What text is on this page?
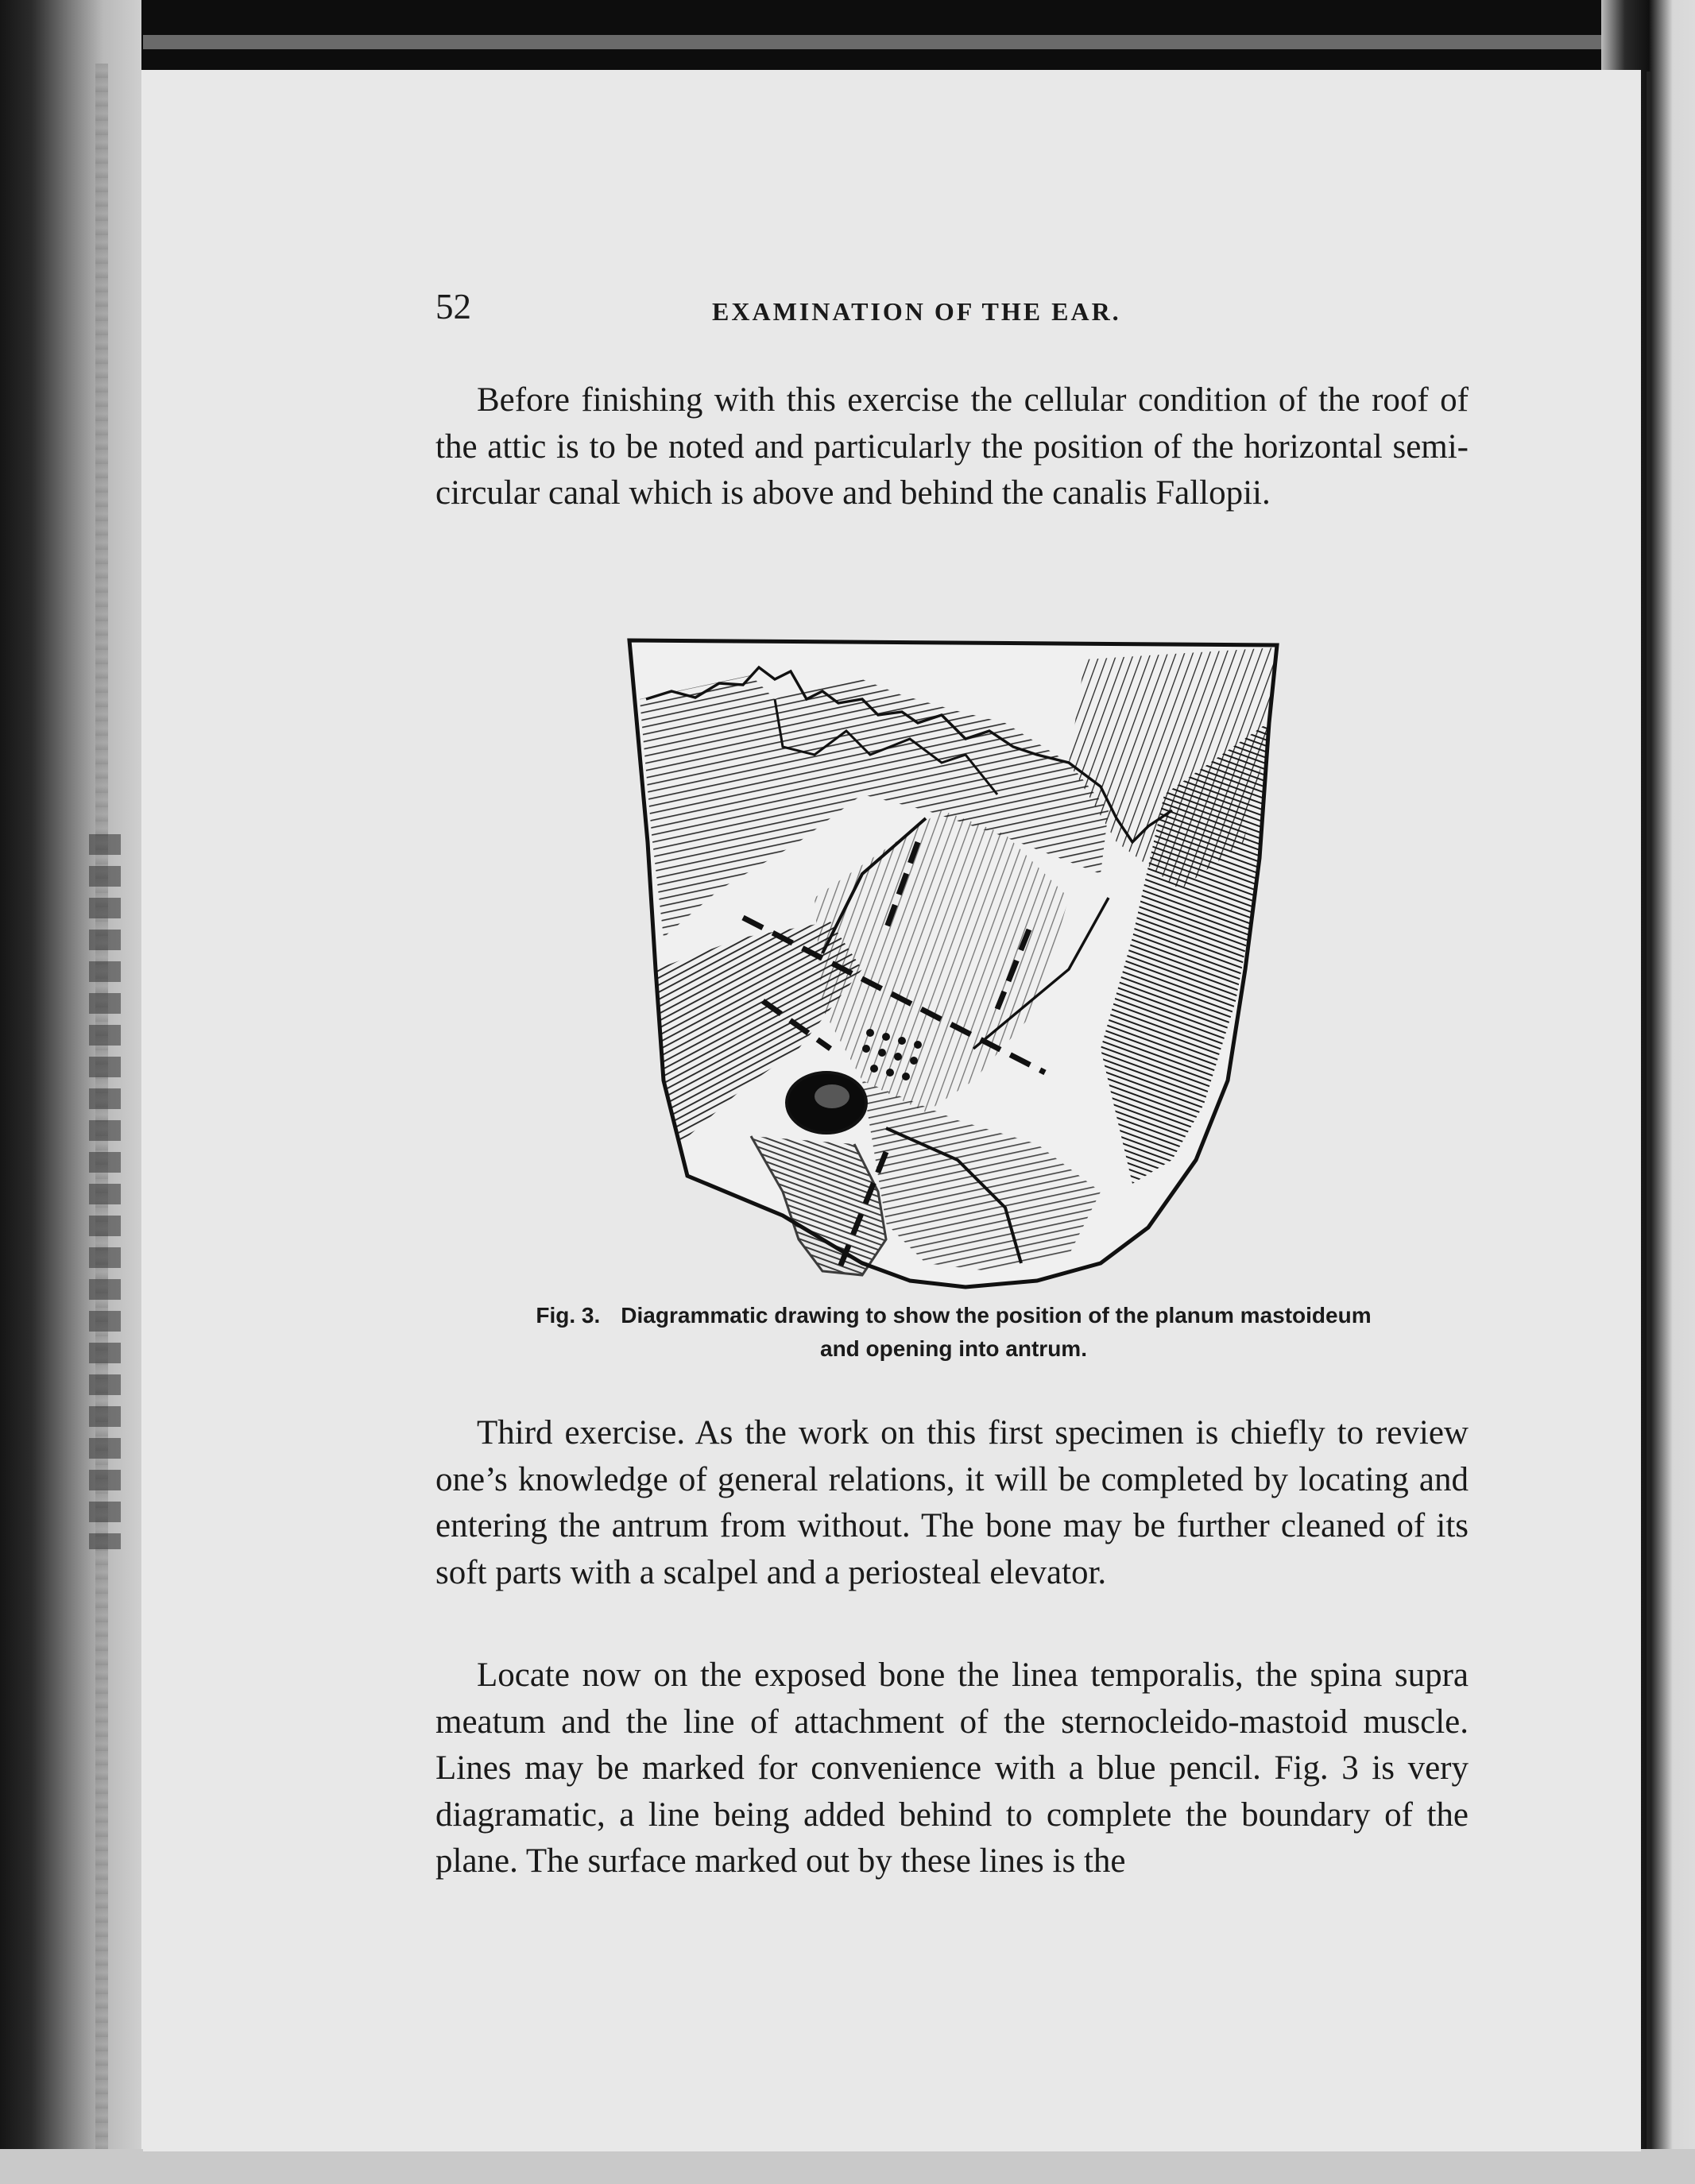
52	EXAMINATION OF THE EAR.

Before finishing with this exercise the cellular condition of the roof of the attic is to be noted and particularly the position of the horizontal semi-circular canal which is above and behind the canalis Fallopii.

Fig. 3. Diagrammatic drawing to show the position of the planum mastoideum and opening into antrum.

Third exercise. As the work on this first specimen is chiefly to review one’s knowledge of general relations, it will be completed by locating and entering the antrum from without. The bone may be further cleaned of its soft parts with a scalpel and a periosteal elevator.

Locate now on the exposed bone the linea temporalis, the spina supra meatum and the line of attachment of the sternocleido-mastoid muscle. Lines may be marked for convenience with a blue pencil. Fig. 3 is very diagramatic, a line being added behind to complete the boundary of the plane. The surface marked out by these lines is the
